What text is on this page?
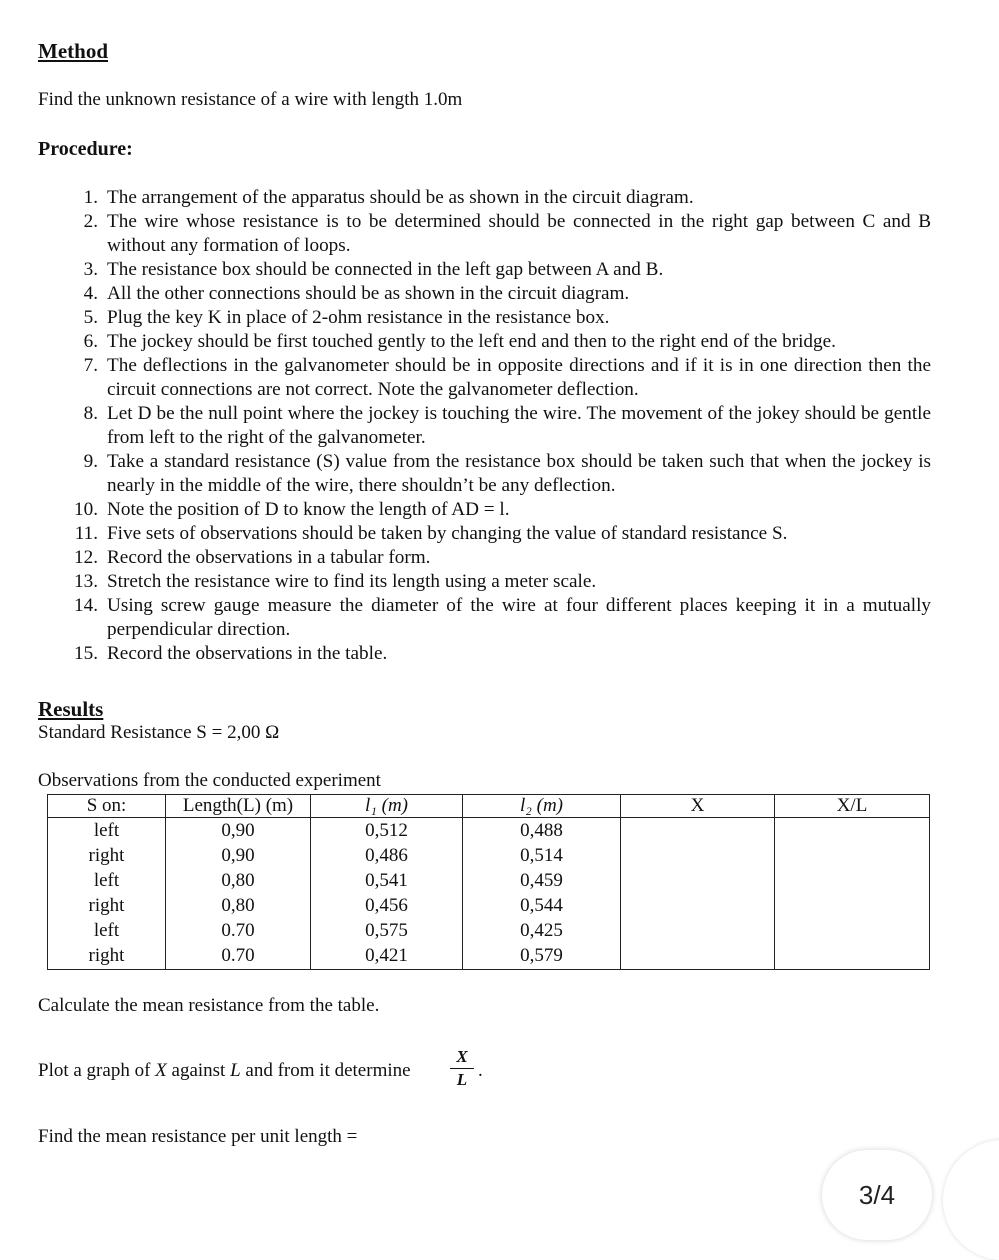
Method
Find the unknown resistance of a wire with length 1.0m
Procedure:
1. The arrangement of the apparatus should be as shown in the circuit diagram.
2. The wire whose resistance is to be determined should be connected in the right gap between C and B without any formation of loops.
3. The resistance box should be connected in the left gap between A and B.
4. All the other connections should be as shown in the circuit diagram.
5. Plug the key K in place of 2-ohm resistance in the resistance box.
6. The jockey should be first touched gently to the left end and then to the right end of the bridge.
7. The deflections in the galvanometer should be in opposite directions and if it is in one direction then the circuit connections are not correct. Note the galvanometer deflection.
8. Let D be the null point where the jockey is touching the wire. The movement of the jokey should be gentle from left to the right of the galvanometer.
9. Take a standard resistance (S) value from the resistance box should be taken such that when the jockey is nearly in the middle of the wire, there shouldn’t be any deflection.
10. Note the position of D to know the length of AD = l.
11. Five sets of observations should be taken by changing the value of standard resistance S.
12. Record the observations in a tabular form.
13. Stretch the resistance wire to find its length using a meter scale.
14. Using screw gauge measure the diameter of the wire at four different places keeping it in a mutually perpendicular direction.
15. Record the observations in the table.
Results
Standard Resistance S = 2,00 Ω
Observations from the conducted experiment
S on:	Length(L) (m)	l₁ (m)	l₂ (m)	X	X/L
left	0,90	0,512	0,488		
right	0,90	0,486	0,514		
left	0,80	0,541	0,459		
right	0,80	0,456	0,544		
left	0.70	0,575	0,425		
right	0.70	0,421	0,579		
Calculate the mean resistance from the table.
Plot a graph of X against L and from it determine
X
L .
Find the mean resistance per unit length =
3/4
